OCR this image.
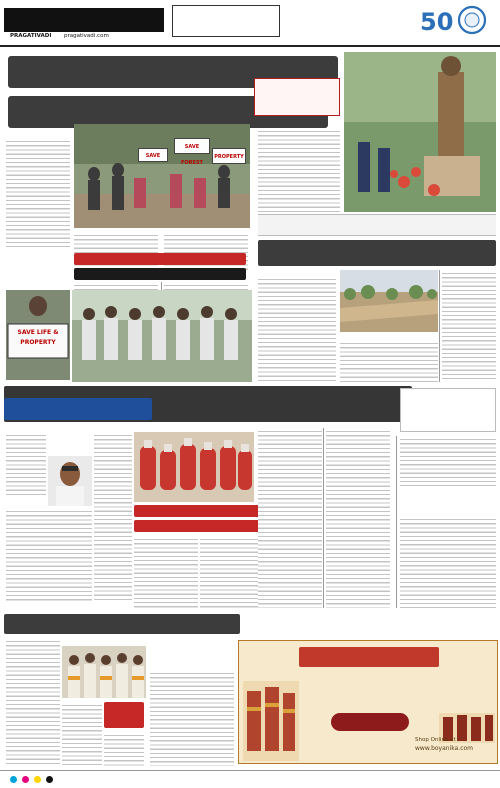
PRAGATIVADI pragativadi.com	50
SAVE
SAVE FOREST
PROPERTY
SAVE LIFE & PROPERTY
Shop Online at
www.boyanika.com
